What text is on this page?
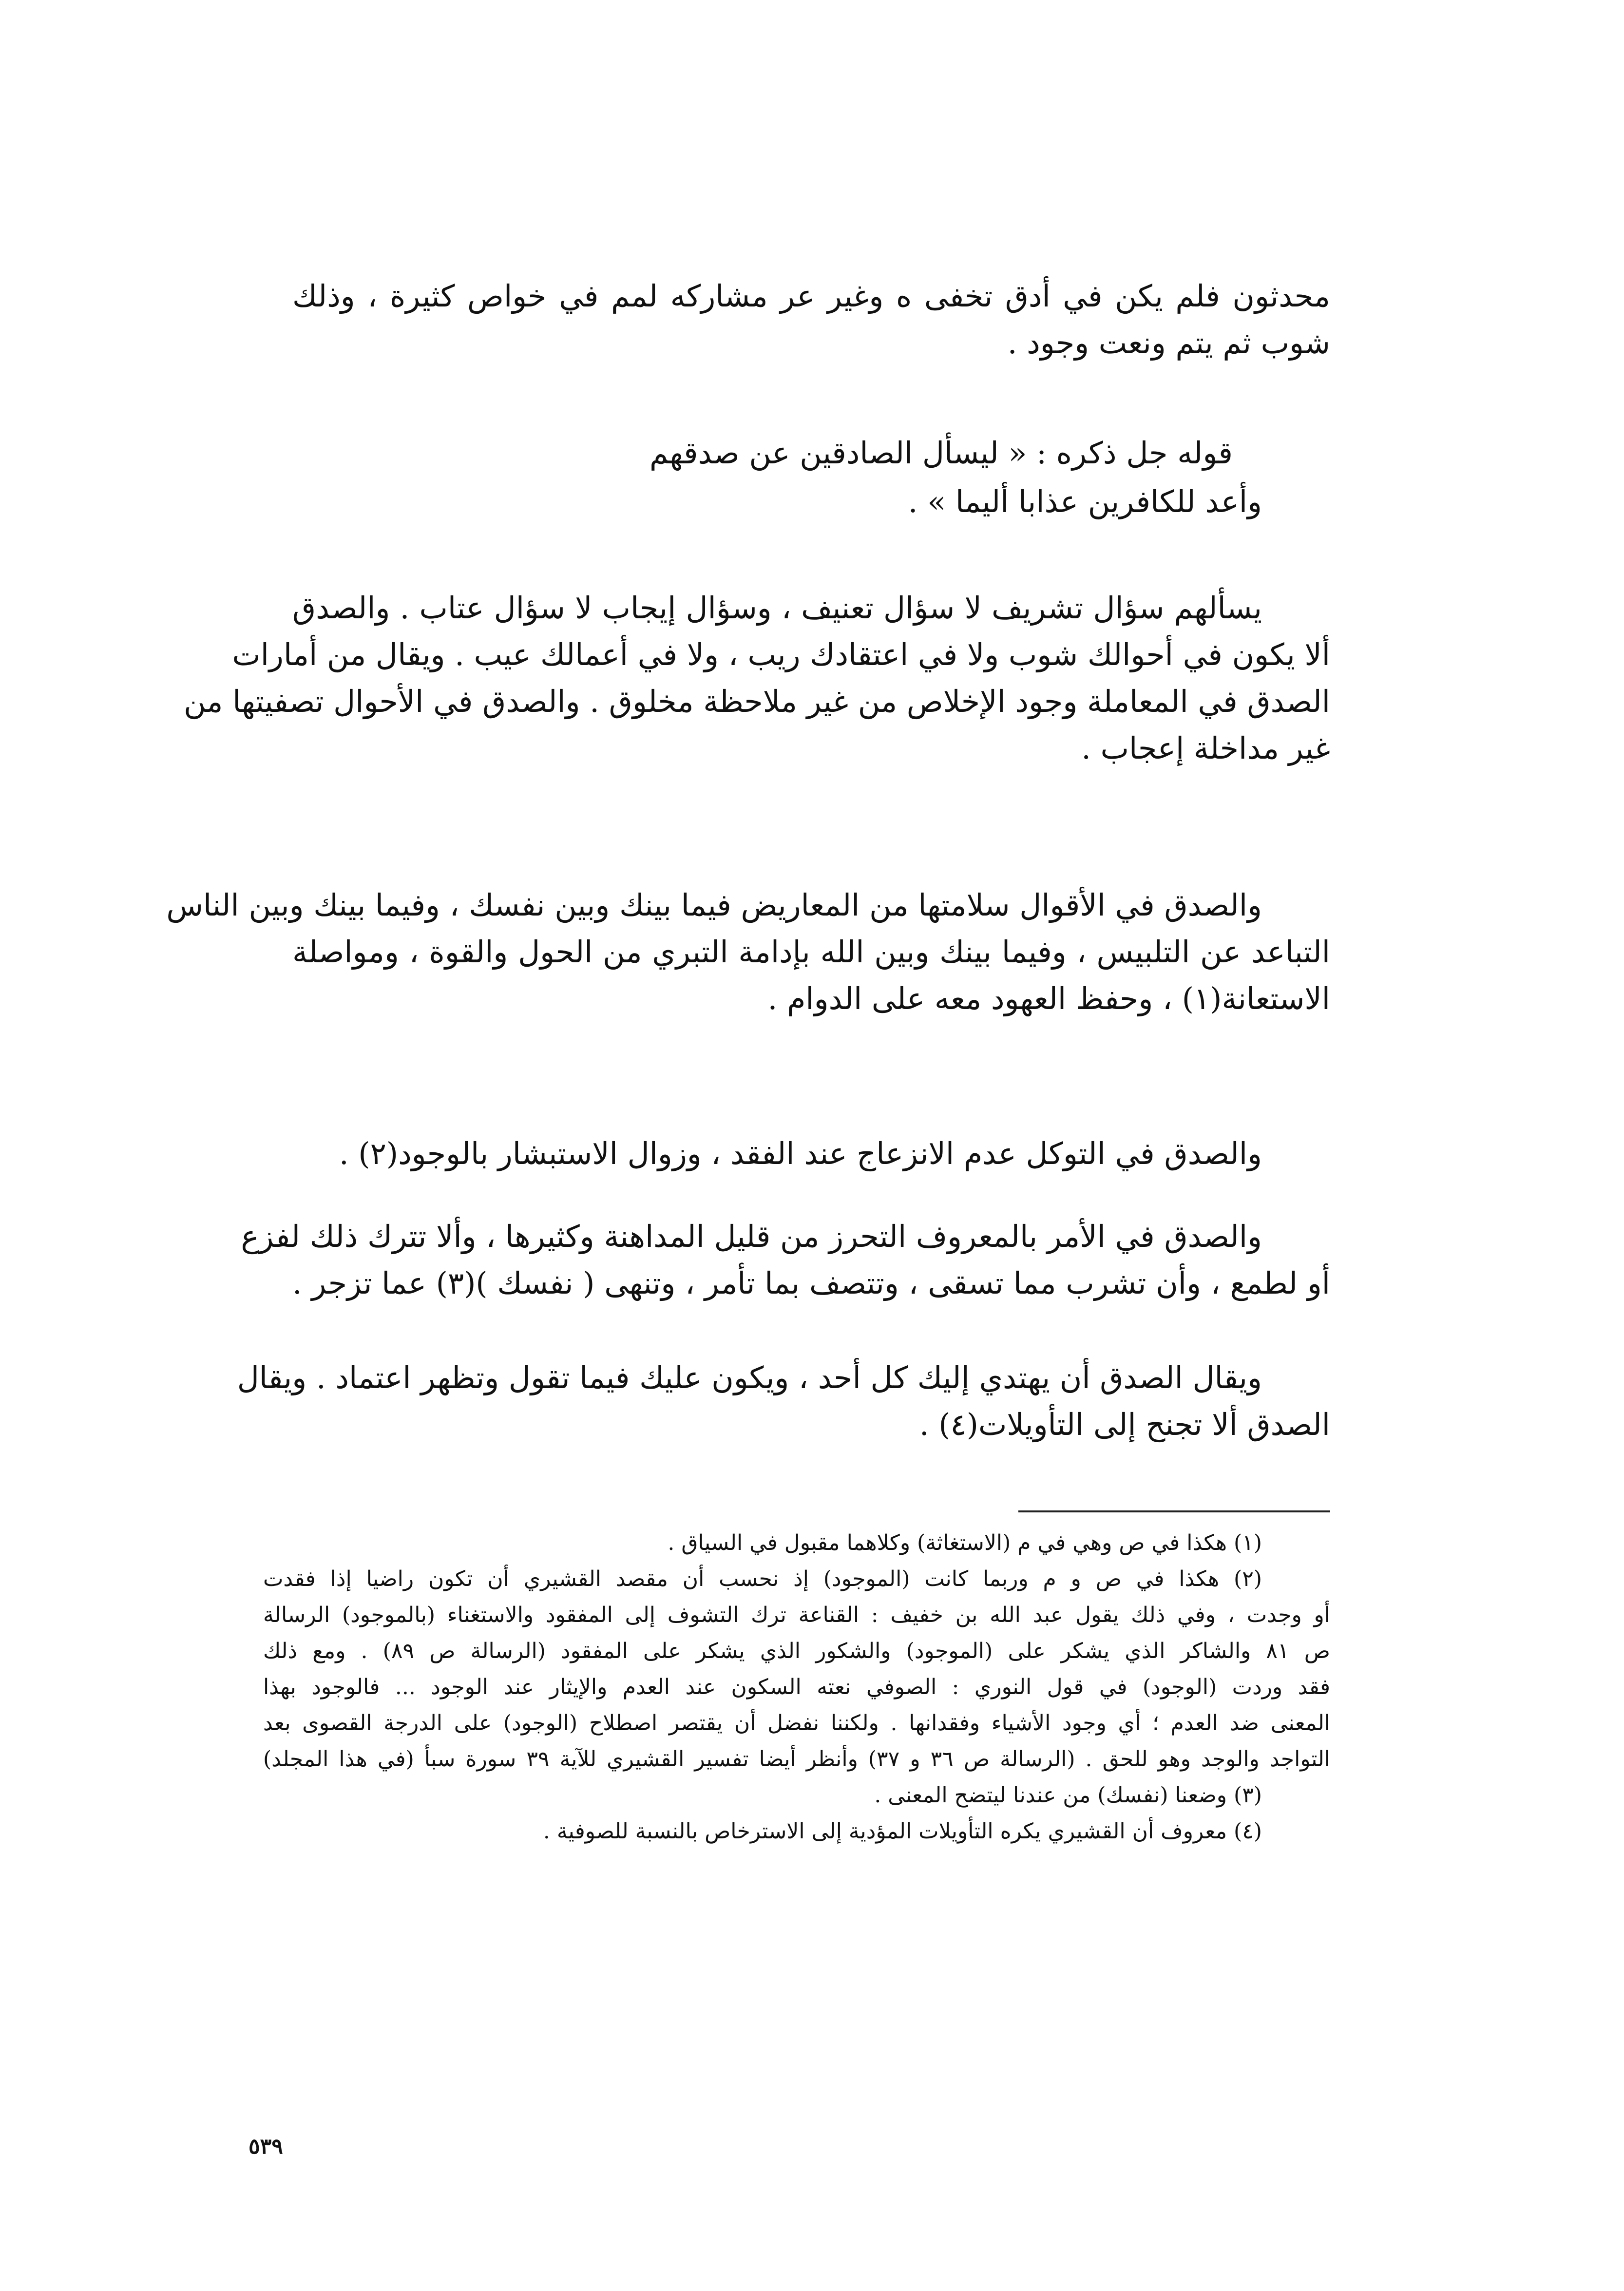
محدثون فلم يكن في أدق تخفى ه وغير عر مشاركه لمم في خواص كثيرة ، وذلك
شوب ثم يتم ونعت وجود .
قوله جل ذكره : « ليسأل الصادقين عن صدقهم
وأعد للكافرين عذابا أليما » .
يسألهم سؤال تشريف لا سؤال تعنيف ، وسؤال إيجاب لا سؤال عتاب . والصدق
ألا يكون في أحوالك شوب ولا في اعتقادك ريب ، ولا في أعمالك عيب . ويقال من أمارات
الصدق في المعاملة وجود الإخلاص من غير ملاحظة مخلوق . والصدق في الأحوال تصفيتها من
غير مداخلة إعجاب .
والصدق في الأقوال سلامتها من المعاريض فيما بينك وبين نفسك ، وفيما بينك وبين الناس
التباعد عن التلبيس ، وفيما بينك وبين الله بإدامة التبري من الحول والقوة ، ومواصلة
الاستعانة(١) ، وحفظ العهود معه على الدوام .
والصدق في التوكل عدم الانزعاج عند الفقد ، وزوال الاستبشار بالوجود(٢) .
والصدق في الأمر بالمعروف التحرز من قليل المداهنة وكثيرها ، وألا تترك ذلك لفزع
أو لطمع ، وأن تشرب مما تسقى ، وتتصف بما تأمر ، وتنهى ( نفسك )(٣) عما تزجر .
ويقال الصدق أن يهتدي إليك كل أحد ، ويكون عليك فيما تقول وتظهر اعتماد . ويقال
الصدق ألا تجنح إلى التأويلات(٤) .
(١) هكذا في ص وهي في م (الاستغاثة) وكلاهما مقبول في السياق .
(٢) هكذا في ص و م وربما كانت (الموجود) إذ نحسب أن مقصد القشيري أن تكون راضيا إذا فقدت
أو وجدت ، وفي ذلك يقول عبد الله بن خفيف : القناعة ترك التشوف إلى المفقود والاستغناء (بالموجود) الرسالة
ص ٨١ والشاكر الذي يشكر على (الموجود) والشكور الذي يشكر على المفقود (الرسالة ص ٨٩) . ومع ذلك
فقد وردت (الوجود) في قول النوري : الصوفي نعته السكون عند العدم والإيثار عند الوجود ... فالوجود بهذا
المعنى ضد العدم ؛ أي وجود الأشياء وفقدانها . ولكننا نفضل أن يقتصر اصطلاح (الوجود) على الدرجة القصوى بعد
التواجد والوجد وهو للحق . (الرسالة ص ٣٦ و ٣٧) وأنظر أيضا تفسير القشيري للآية ٣٩ سورة سبأ (في هذا المجلد)
(٣) وضعنا (نفسك) من عندنا ليتضح المعنى .
(٤) معروف أن القشيري يكره التأويلات المؤدية إلى الاسترخاص بالنسبة للصوفية .
٥٣٩
